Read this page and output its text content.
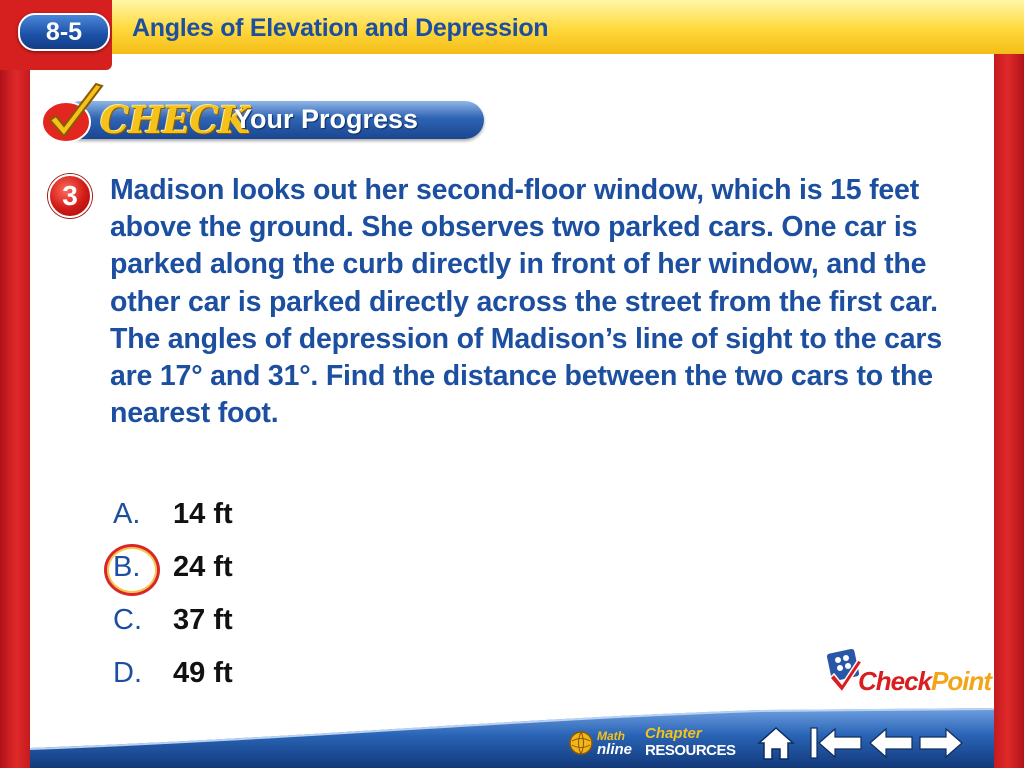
8-5	Angles of Elevation and Depression
CHECK
Your Progress
3	Madison looks out her second-floor window, which is 15 feet above the ground. She observes two parked cars. One car is parked along the curb directly in front of her window, and the other car is parked directly across the street from the first car. The angles of depression of Madison’s line of sight to the cars are 17° and 31°. Find the distance between the two cars to the nearest foot.

A. 14 ft
B. 24 ft
C. 37 ft
D. 49 ft	CheckPoint
Math
nline
Chapter
RESOURCES
